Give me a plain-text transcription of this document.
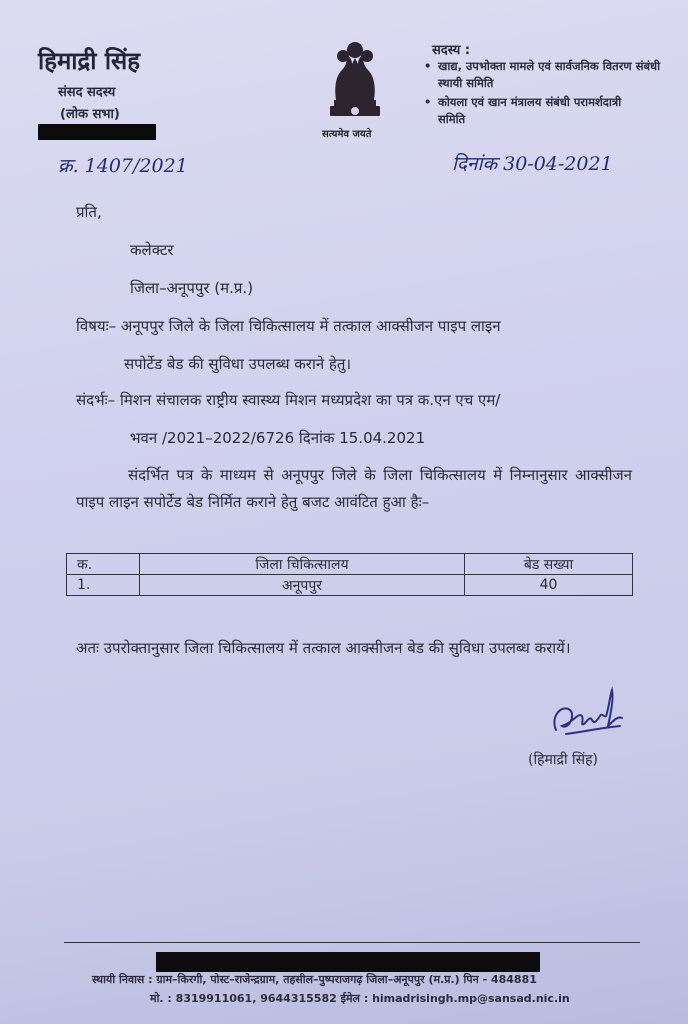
हिमाद्री सिंह
संसद सदस्य
(लोक सभा)
सत्यमेव जयते
सदस्य :
• खाद्य, उपभोक्ता मामले एवं सार्वजनिक वितरण संबंधी स्थायी समिति
• कोयला एवं खान मंत्रालय संबंधी परामर्शदात्री समिति
क्र. 1407/2021	दिनांक 30-04-2021
प्रति,
कलेक्टर
जिला–अनूपपुर (म.प्र.)
विषयः– अनूपपुर जिले के जिला चिकित्सालय में तत्काल आक्सीजन पाइप लाइन
सपोर्टेड बेड की सुविधा उपलब्ध कराने हेतु।
संदर्भः– मिशन संचालक राष्ट्रीय स्वास्थ्य मिशन मध्यप्रदेश का पत्र क.एन एच एम/
भवन /2021–2022/6726 दिनांक 15.04.2021
संदर्भित पत्र के माध्यम से अनूपपुर जिले के जिला चिकित्सालय में निम्नानुसार आक्सीजन पाइप लाइन सपोर्टेड बेड निर्मित कराने हेतु बजट आवंटित हुआ हैः–
क.	जिला चिकित्सालय	बेड सख्या
1.	अनूपपुर	40
अतः उपरोक्तानुसार जिला चिकित्सालय में तत्काल आक्सीजन बेड की सुविधा उपलब्ध करायें।
(हिमाद्री सिंह)
स्थायी निवास : ग्राम–किरगी, पोस्ट–राजेन्द्रग्राम, तहसील–पुष्पराजगढ़ जिला–अनूपपुर (म.प्र.) पिन - 484881
मो. : 8319911061, 9644315582 ईमेल : himadrisingh.mp@sansad.nic.in
